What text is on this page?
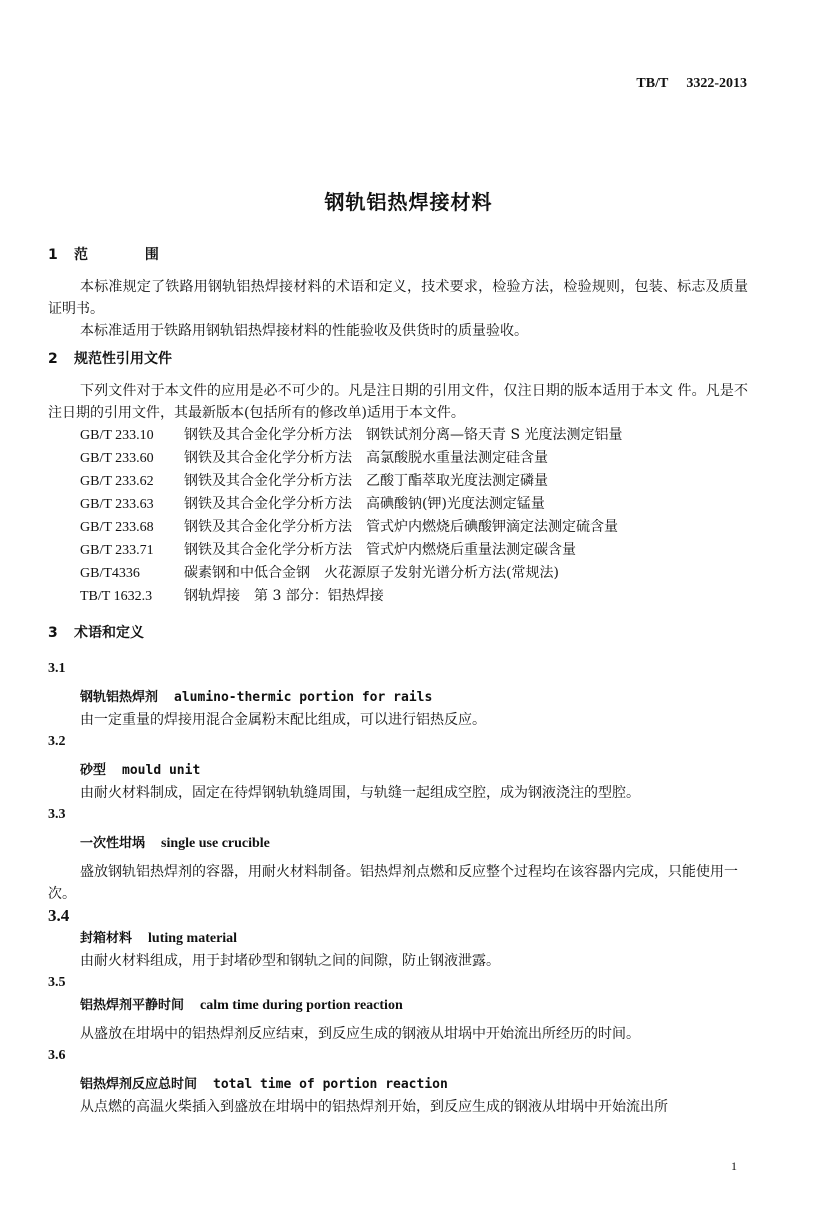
TB/T 3322-2013
钢轨铝热焊接材料

1 范 围

本标准规定了铁路用钢轨铝热焊接材料的术语和定义，技术要求，检验方法，检验规则，包装、标志及质量证明书。

本标准适用于铁路用钢轨铝热焊接材料的性能验收及供货时的质量验收。

2 规范性引用文件

下列文件对于本文件的应用是必不可少的。凡是注日期的引用文件，仅注日期的版本适用于本文 件。凡是不注日期的引用文件，其最新版本(包括所有的修改单)适用于本文件。

GB/T 233.10 钢铁及其合金化学分析方法　钢铁试剂分离—铬天青 S 光度法测定铝量
GB/T 233.60 钢铁及其合金化学分析方法　高氯酸脱水重量法测定硅含量
GB/T 233.62 钢铁及其合金化学分析方法　乙酸丁酯萃取光度法测定磷量
GB/T 233.63 钢铁及其合金化学分析方法　高碘酸钠(钾)光度法测定锰量
GB/T 233.68 钢铁及其合金化学分析方法　管式炉内燃烧后碘酸钾滴定法测定硫含量
GB/T 233.71 钢铁及其合金化学分析方法　管式炉内燃烧后重量法测定碳含量
GB/T4336	碳素钢和中低合金钢　火花源原子发射光谱分析方法(常规法)
TB/T 1632.3 钢轨焊接　第 3 部分：铝热焊接

3 术语和定义

3.1

钢轨铝热焊剂 alumino-thermic portion for rails

由一定重量的焊接用混合金属粉末配比组成，可以进行铝热反应。

3.2

砂型 mould unit

由耐火材料制成，固定在待焊钢轨轨缝周围，与轨缝一起组成空腔，成为钢液浇注的型腔。

3.3

一次性坩埚 single use crucible

盛放钢轨铝热焊剂的容器，用耐火材料制备。铝热焊剂点燃和反应整个过程均在该容器内完成，只能使用一次。

3.4

封箱材料 luting material

由耐火材料组成，用于封堵砂型和钢轨之间的间隙，防止钢液泄露。

3.5

铝热焊剂平静时间 calm time during portion reaction

从盛放在坩埚中的铝热焊剂反应结束，到反应生成的钢液从坩埚中开始流出所经历的时间。

3.6

铝热焊剂反应总时间 total time of portion reaction

从点燃的高温火柴插入到盛放在坩埚中的铝热焊剂开始，到反应生成的钢液从坩埚中开始流出所

1
